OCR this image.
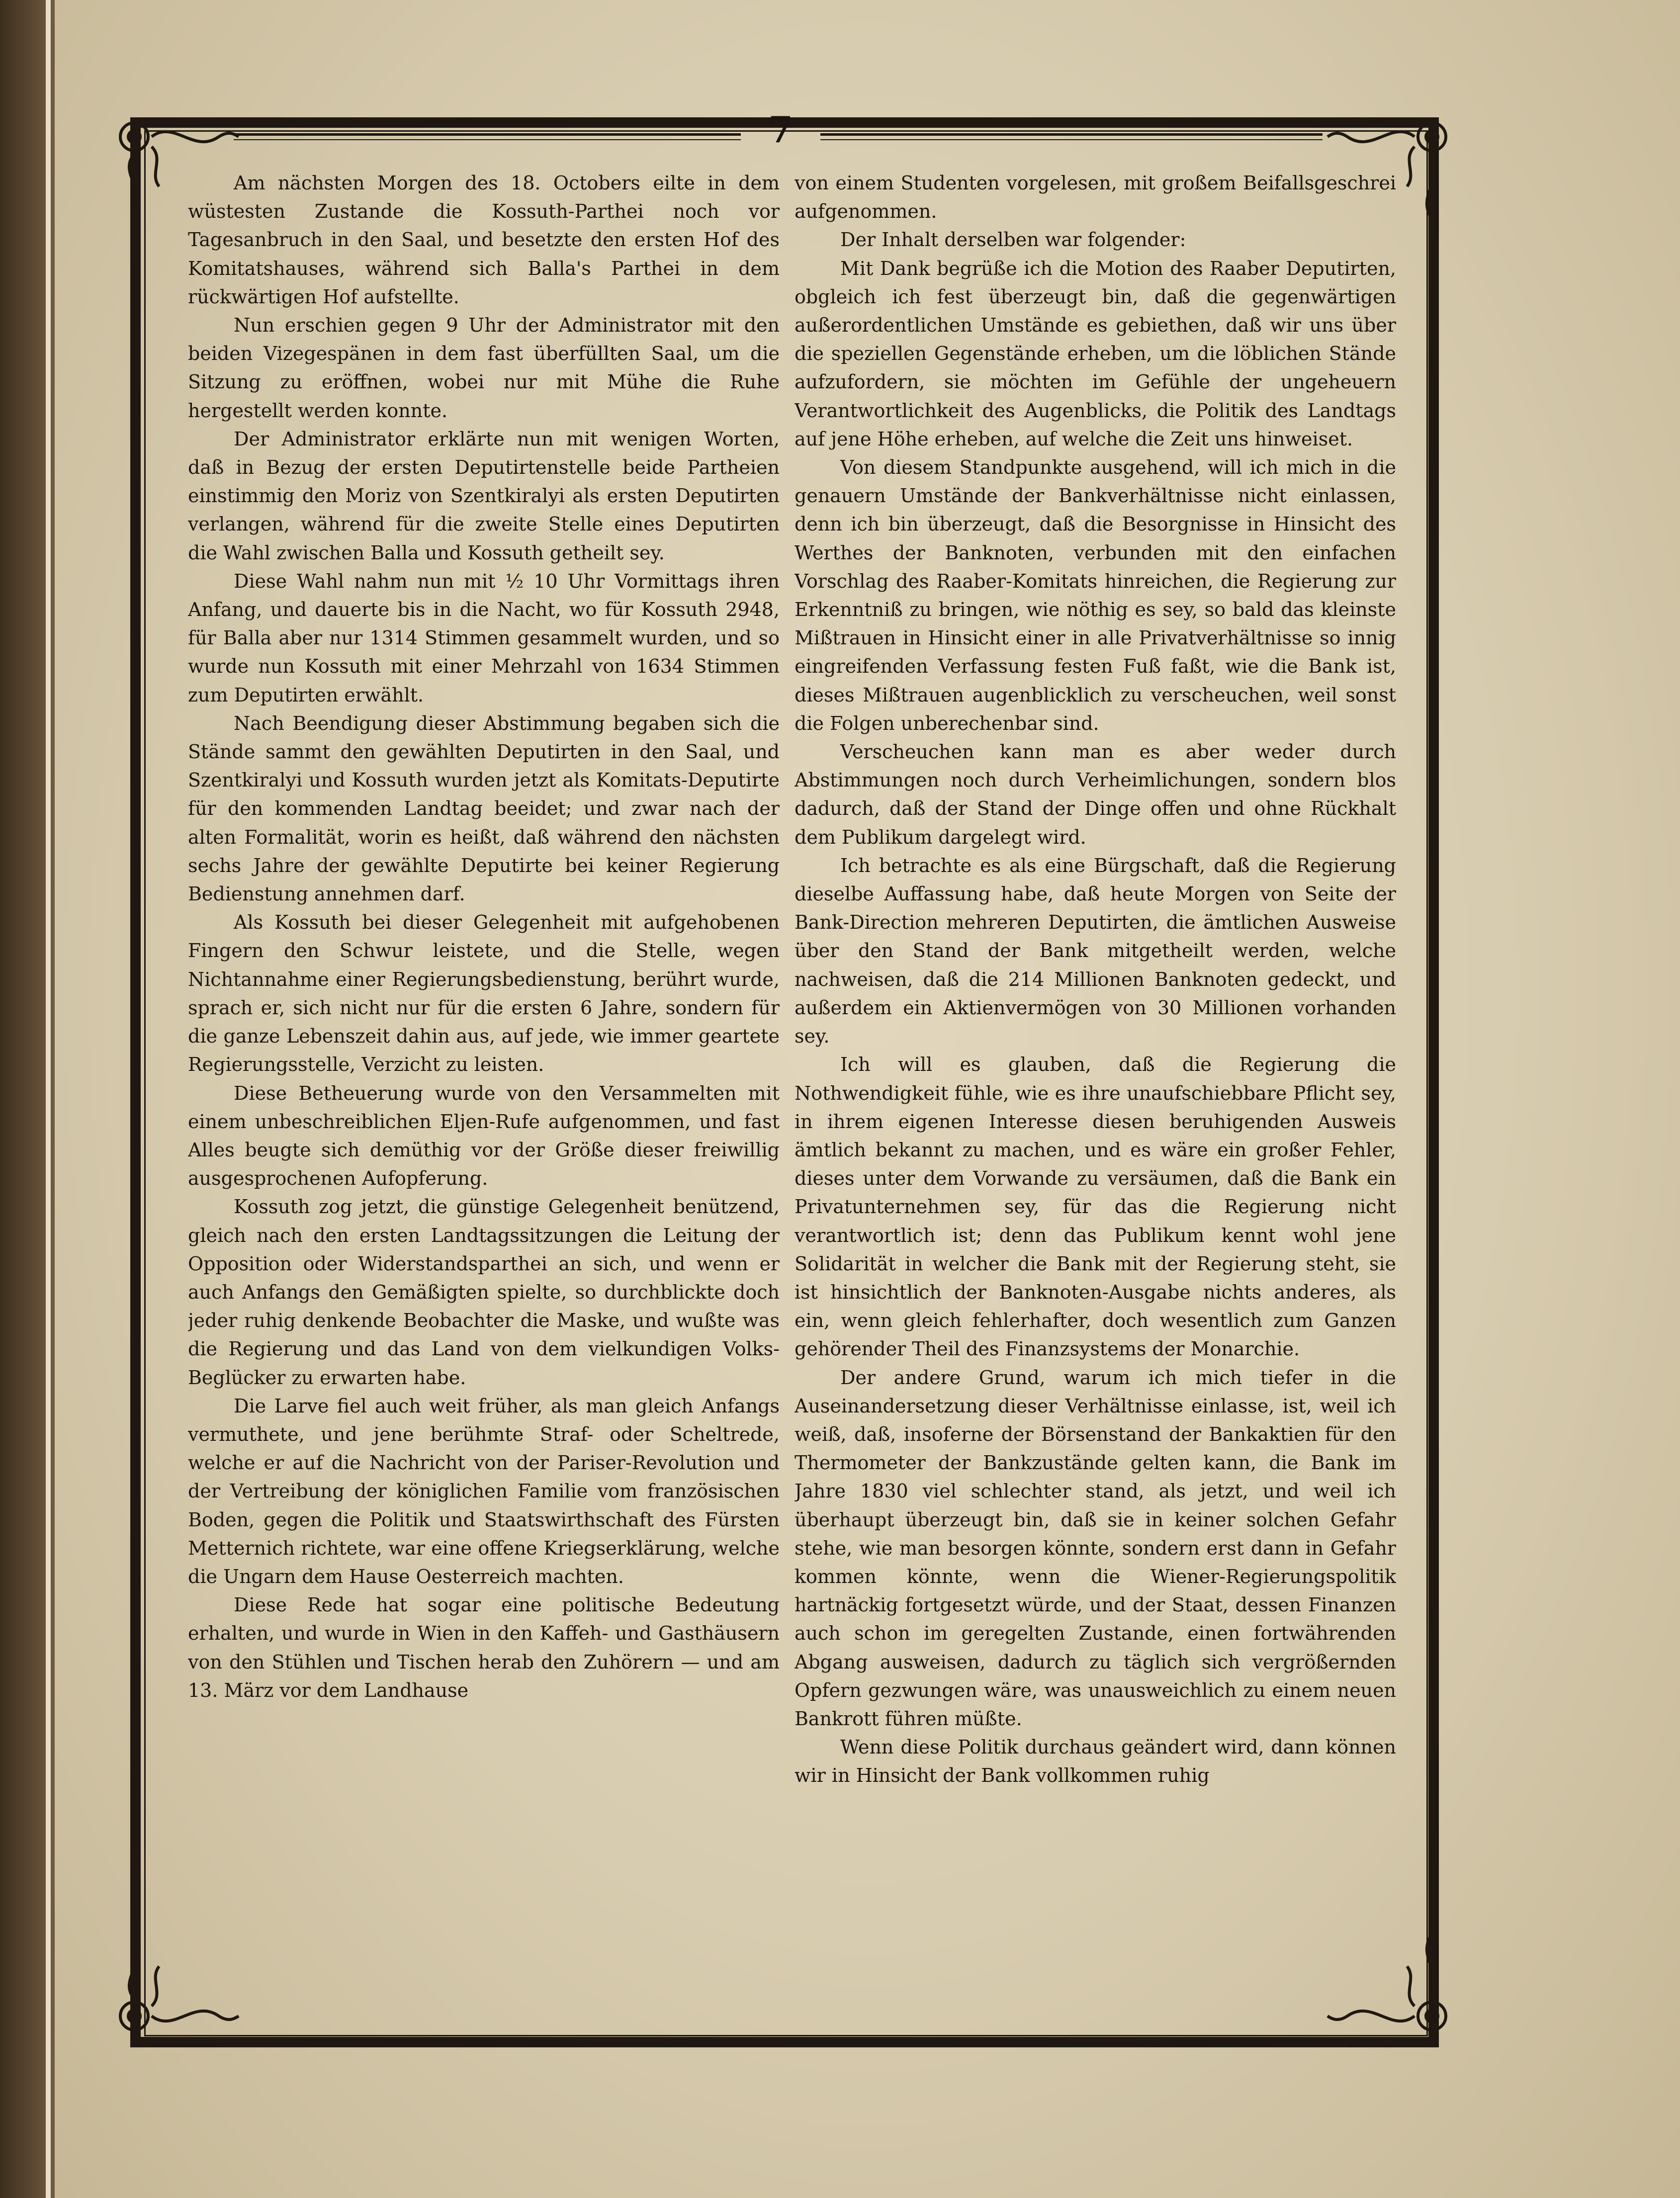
7

Am nächsten Morgen des 18. Octobers eilte in dem wüstesten Zustande die Kossuth-Parthei noch vor Tagesanbruch in den Saal, und besetzte den ersten Hof des Komitatshauses, während sich Balla's Parthei in dem rückwärtigen Hof aufstellte.

Nun erschien gegen 9 Uhr der Administrator mit den beiden Vizegespänen in dem fast überfüllten Saal, um die Sitzung zu eröffnen, wobei nur mit Mühe die Ruhe hergestellt werden konnte.

Der Administrator erklärte nun mit wenigen Worten, daß in Bezug der ersten Deputirtenstelle beide Partheien einstimmig den Moriz von Szentkiralyi als ersten Deputirten verlangen, während für die zweite Stelle eines Deputirten die Wahl zwischen Balla und Kossuth getheilt sey.

Diese Wahl nahm nun mit ½ 10 Uhr Vormittags ihren Anfang, und dauerte bis in die Nacht, wo für Kossuth 2948, für Balla aber nur 1314 Stimmen gesammelt wurden, und so wurde nun Kossuth mit einer Mehrzahl von 1634 Stimmen zum Deputirten erwählt.

Nach Beendigung dieser Abstimmung begaben sich die Stände sammt den gewählten Deputirten in den Saal, und Szentkiralyi und Kossuth wurden jetzt als Komitats-Deputirte für den kommenden Landtag beeidet; und zwar nach der alten Formalität, worin es heißt, daß während den nächsten sechs Jahre der gewählte Deputirte bei keiner Regierung Bedienstung annehmen darf.

Als Kossuth bei dieser Gelegenheit mit aufgehobenen Fingern den Schwur leistete, und die Stelle, wegen Nichtannahme einer Regierungsbedienstung, berührt wurde, sprach er, sich nicht nur für die ersten 6 Jahre, sondern für die ganze Lebenszeit dahin aus, auf jede, wie immer geartete Regierungsstelle, Verzicht zu leisten.

Diese Betheuerung wurde von den Versammelten mit einem unbeschreiblichen Eljen-Rufe aufgenommen, und fast Alles beugte sich demüthig vor der Größe dieser freiwillig ausgesprochenen Aufopferung.

Kossuth zog jetzt, die günstige Gelegenheit benützend, gleich nach den ersten Landtagssitzungen die Leitung der Opposition oder Widerstandsparthei an sich, und wenn er auch Anfangs den Gemäßigten spielte, so durchblickte doch jeder ruhig denkende Beobachter die Maske, und wußte was die Regierung und das Land von dem vielkundigen Volks-Beglücker zu erwarten habe.

Die Larve fiel auch weit früher, als man gleich Anfangs vermuthete, und jene berühmte Straf- oder Scheltrede, welche er auf die Nachricht von der Pariser-Revolution und der Vertreibung der königlichen Familie vom französischen Boden, gegen die Politik und Staatswirthschaft des Fürsten Metternich richtete, war eine offene Kriegserklärung, welche die Ungarn dem Hause Oesterreich machten.

Diese Rede hat sogar eine politische Bedeutung erhalten, und wurde in Wien in den Kaffeh- und Gasthäusern von den Stühlen und Tischen herab den Zuhörern — und am 13. März vor dem Landhause

von einem Studenten vorgelesen, mit großem Beifallsgeschrei aufgenommen.

Der Inhalt derselben war folgender:

Mit Dank begrüße ich die Motion des Raaber Deputirten, obgleich ich fest überzeugt bin, daß die gegenwärtigen außerordentlichen Umstände es gebiethen, daß wir uns über die speziellen Gegenstände erheben, um die löblichen Stände aufzufordern, sie möchten im Gefühle der ungeheuern Verantwortlichkeit des Augenblicks, die Politik des Landtags auf jene Höhe erheben, auf welche die Zeit uns hinweiset.

Von diesem Standpunkte ausgehend, will ich mich in die genauern Umstände der Bankverhältnisse nicht einlassen, denn ich bin überzeugt, daß die Besorgnisse in Hinsicht des Werthes der Banknoten, verbunden mit den einfachen Vorschlag des Raaber-Komitats hinreichen, die Regierung zur Erkenntniß zu bringen, wie nöthig es sey, so bald das kleinste Mißtrauen in Hinsicht einer in alle Privatverhältnisse so innig eingreifenden Verfassung festen Fuß faßt, wie die Bank ist, dieses Mißtrauen augenblicklich zu verscheuchen, weil sonst die Folgen unberechenbar sind.

Verscheuchen kann man es aber weder durch Abstimmungen noch durch Verheimlichungen, sondern blos dadurch, daß der Stand der Dinge offen und ohne Rückhalt dem Publikum dargelegt wird.

Ich betrachte es als eine Bürgschaft, daß die Regierung dieselbe Auffassung habe, daß heute Morgen von Seite der Bank-Direction mehreren Deputirten, die ämtlichen Ausweise über den Stand der Bank mitgetheilt werden, welche nachweisen, daß die 214 Millionen Banknoten gedeckt, und außerdem ein Aktienvermögen von 30 Millionen vorhanden sey.

Ich will es glauben, daß die Regierung die Nothwendigkeit fühle, wie es ihre unaufschiebbare Pflicht sey, in ihrem eigenen Interesse diesen beruhigenden Ausweis ämtlich bekannt zu machen, und es wäre ein großer Fehler, dieses unter dem Vorwande zu versäumen, daß die Bank ein Privatunternehmen sey, für das die Regierung nicht verantwortlich ist; denn das Publikum kennt wohl jene Solidarität in welcher die Bank mit der Regierung steht, sie ist hinsichtlich der Banknoten-Ausgabe nichts anderes, als ein, wenn gleich fehlerhafter, doch wesentlich zum Ganzen gehörender Theil des Finanzsystems der Monarchie.

Der andere Grund, warum ich mich tiefer in die Auseinandersetzung dieser Verhältnisse einlasse, ist, weil ich weiß, daß, insoferne der Börsenstand der Bankaktien für den Thermometer der Bankzustände gelten kann, die Bank im Jahre 1830 viel schlechter stand, als jetzt, und weil ich überhaupt überzeugt bin, daß sie in keiner solchen Gefahr stehe, wie man besorgen könnte, sondern erst dann in Gefahr kommen könnte, wenn die Wiener-Regierungspolitik hartnäckig fortgesetzt würde, und der Staat, dessen Finanzen auch schon im geregelten Zustande, einen fortwährenden Abgang ausweisen, dadurch zu täglich sich vergrößernden Opfern gezwungen wäre, was unausweichlich zu einem neuen Bankrott führen müßte.

Wenn diese Politik durchaus geändert wird, dann können wir in Hinsicht der Bank vollkommen ruhig
